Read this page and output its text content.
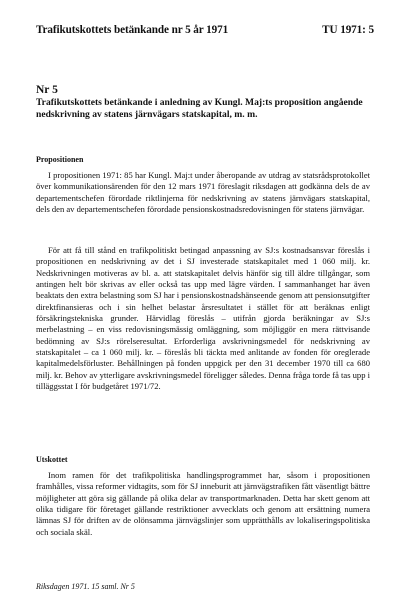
Trafikutskottets betänkande nr 5 år 1971	TU 1971: 5
Nr 5

Trafikutskottets betänkande i anledning av Kungl. Maj:ts proposition angående nedskrivning av statens järnvägars statskapital, m. m.

Propositionen

I propositionen 1971: 85 har Kungl. Maj:t under åberopande av utdrag av statsrådsprotokollet över kommunikationsärenden för den 12 mars 1971 föreslagit riksdagen att godkänna dels de av departementschefen förordade riktlinjerna för nedskrivning av statens järnvägars statskapital, dels den av departementschefen förordade pensionskostnadsredovisningen för statens järnvägar.

För att få till stånd en trafikpolitiskt betingad anpassning av SJ:s kostnadsansvar föreslås i propositionen en nedskrivning av det i SJ investerade statskapitalet med 1 060 milj. kr. Nedskrivningen motiveras av bl. a. att statskapitalet delvis hänför sig till äldre tillgångar, som antingen helt bör skrivas av eller också tas upp med lägre värden. I sammanhanget har även beaktats den extra belastning som SJ har i pensionskostnadshänseende genom att pensionsutgifter direktfinansieras och i sin helhet belastar årsresultatet i stället för att beräknas enligt försäkringstekniska grunder. Härvidlag föreslås – utifrån gjorda beräkningar av SJ:s merbelastning – en viss redovisningsmässig omläggning, som möjliggör en mera rättvisande bedömning av SJ:s rörelseresultat. Erforderliga avskrivningsmedel för nedskrivning av statskapitalet – ca 1 060 milj. kr. – föreslås bli täckta med anlitande av fonden för oreglerade kapitalmedelsförluster. Behållningen på fonden uppgick per den 31 december 1970 till ca 680 milj. kr. Behov av ytterligare avskrivningsmedel föreligger således. Denna fråga torde få tas upp i tilläggsstat I för budgetåret 1971/72.

Utskottet

Inom ramen för det trafikpolitiska handlingsprogrammet har, såsom i propositionen framhålles, vissa reformer vidtagits, som för SJ inneburit att järnvägstrafiken fått väsentligt bättre möjligheter att göra sig gällande på olika delar av transportmarknaden. Detta har skett genom att olika tidigare för företaget gällande restriktioner avvecklats och genom att ersättning numera lämnas SJ för driften av de olönsamma järnvägslinjer som upprätthålls av lokaliseringspolitiska och sociala skäl.

Riksdagen 1971. 15 saml. Nr 5
